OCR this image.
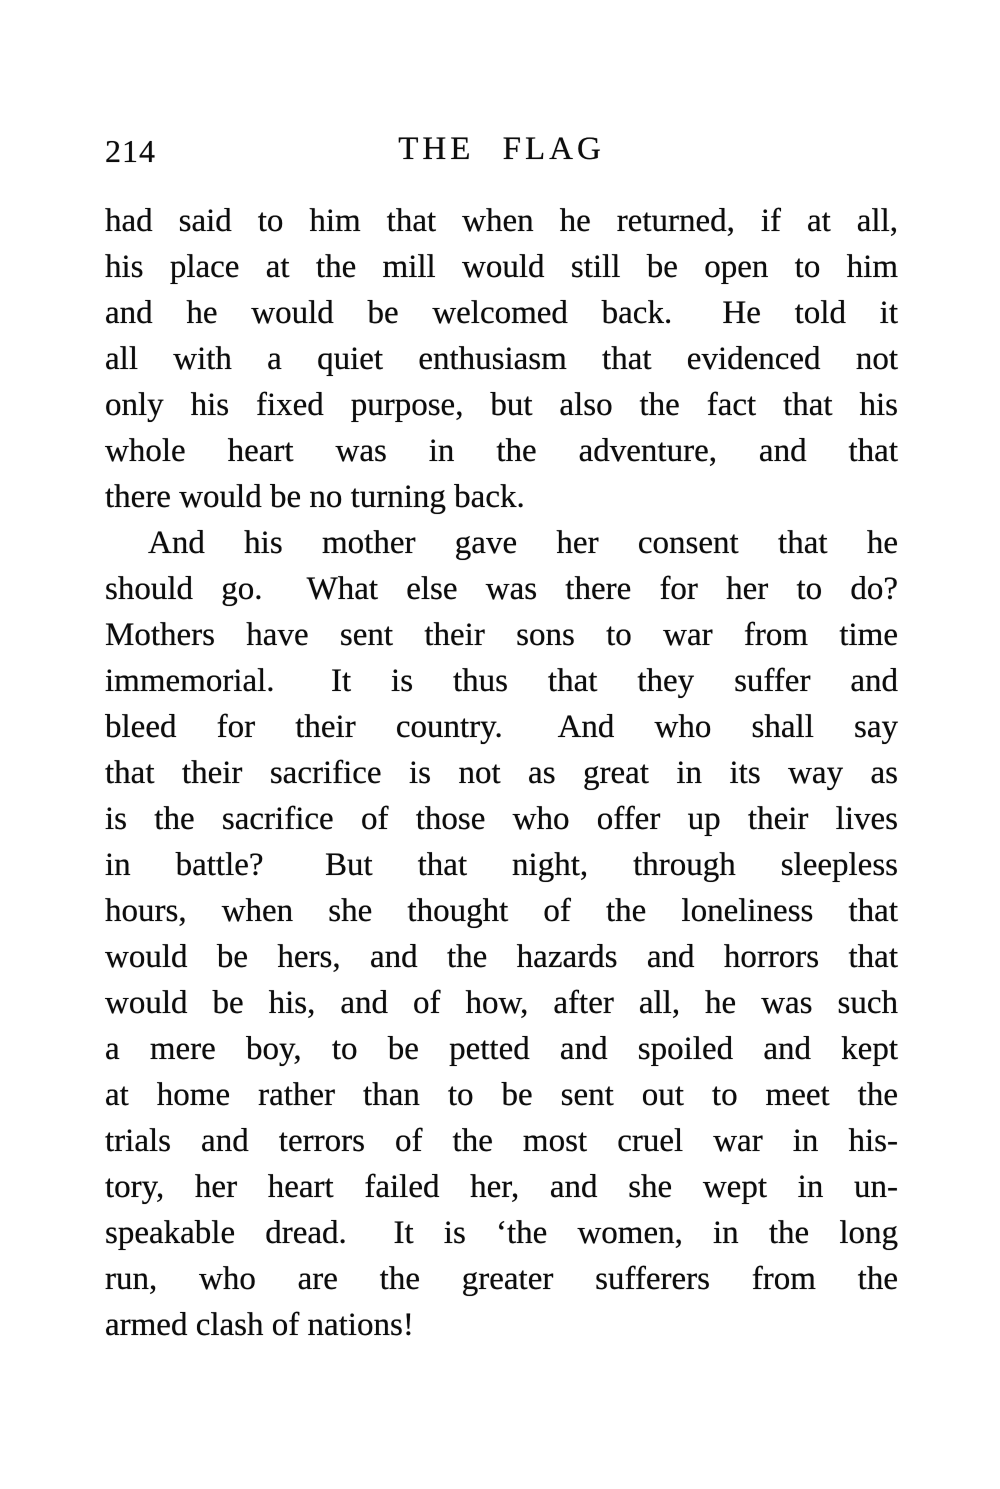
214	THE FLAG
had said to him that when he returned, if at all,
his place at the mill would still be open to him
and he would be welcomed back.  He told it
all with a quiet enthusiasm that evidenced not
only his fixed purpose, but also the fact that his
whole heart was in the adventure, and that
there would be no turning back.
And his mother gave her consent that he
should go.  What else was there for her to do?
Mothers have sent their sons to war from time
immemorial.  It is thus that they suffer and
bleed for their country.  And who shall say
that their sacrifice is not as great in its way as
is the sacrifice of those who offer up their lives
in battle?  But that night, through sleepless
hours, when she thought of the loneliness that
would be hers, and the hazards and horrors that
would be his, and of how, after all, he was such
a mere boy, to be petted and spoiled and kept
at home rather than to be sent out to meet the
trials and terrors of the most cruel war in his-
tory, her heart failed her, and she wept in un-
speakable dread.  It is ‘the women, in the long
run, who are the greater sufferers from the
armed clash of nations!
